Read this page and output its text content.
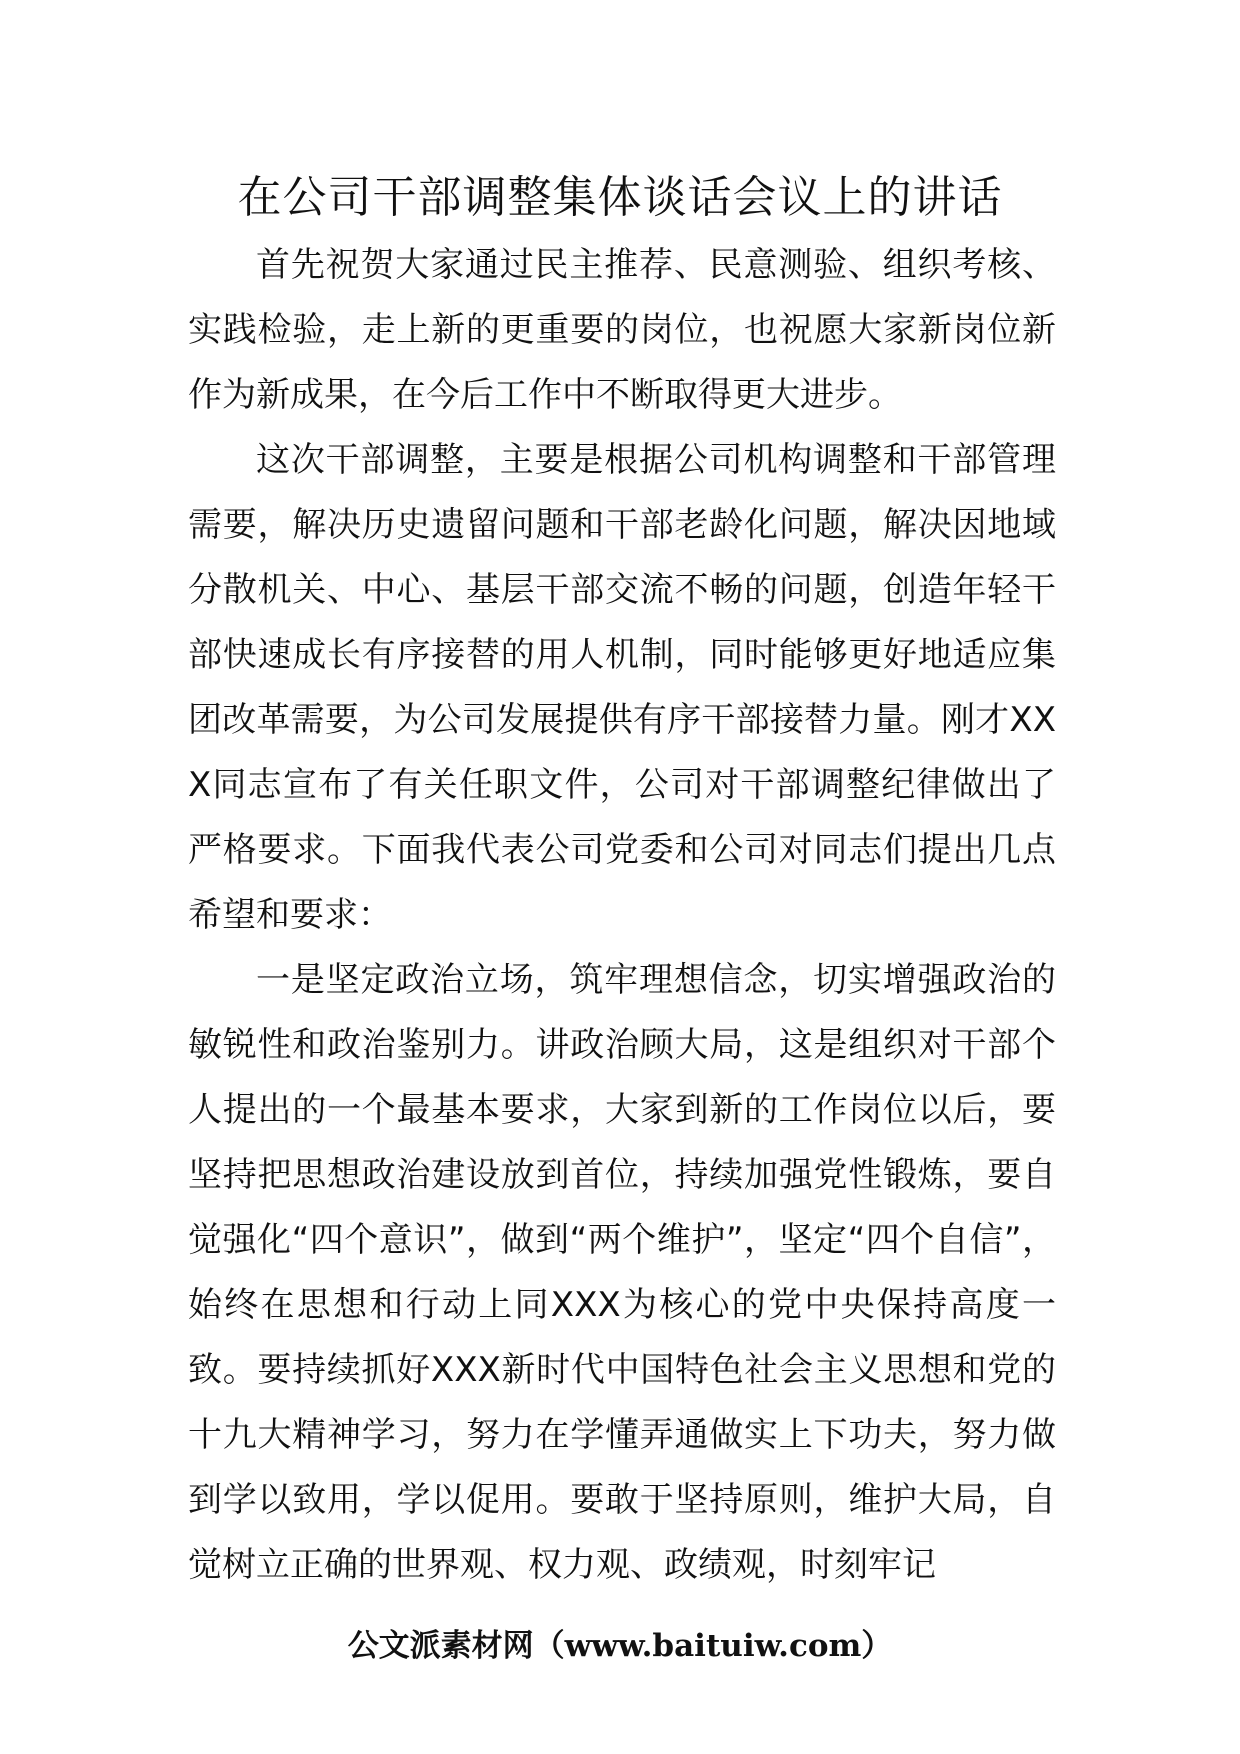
在公司干部调整集体谈话会议上的讲话

首先祝贺大家通过民主推荐、民意测验、组织考核、实践检验，走上新的更重要的岗位，也祝愿大家新岗位新作为新成果，在今后工作中不断取得更大进步。

这次干部调整，主要是根据公司机构调整和干部管理需要，解决历史遗留问题和干部老龄化问题，解决因地域分散机关、中心、基层干部交流不畅的问题，创造年轻干部快速成长有序接替的用人机制，同时能够更好地适应集团改革需要，为公司发展提供有序干部接替力量。刚才XXX同志宣布了有关任职文件，公司对干部调整纪律做出了严格要求。下面我代表公司党委和公司对同志们提出几点希望和要求：

一是坚定政治立场，筑牢理想信念，切实增强政治的敏锐性和政治鉴别力。讲政治顾大局，这是组织对干部个人提出的一个最基本要求，大家到新的工作岗位以后，要坚持把思想政治建设放到首位，持续加强党性锻炼，要自觉强化“四个意识”，做到“两个维护”，坚定“四个自信”，始终在思想和行动上同XXX为核心的党中央保持高度一致。要持续抓好XXX新时代中国特色社会主义思想和党的十九大精神学习，努力在学懂弄通做实上下功夫，努力做到学以致用，学以促用。要敢于坚持原则，维护大局，自觉树立正确的世界观、权力观、政绩观，时刻牢记

公文派素材网（www.baituiw.com）
